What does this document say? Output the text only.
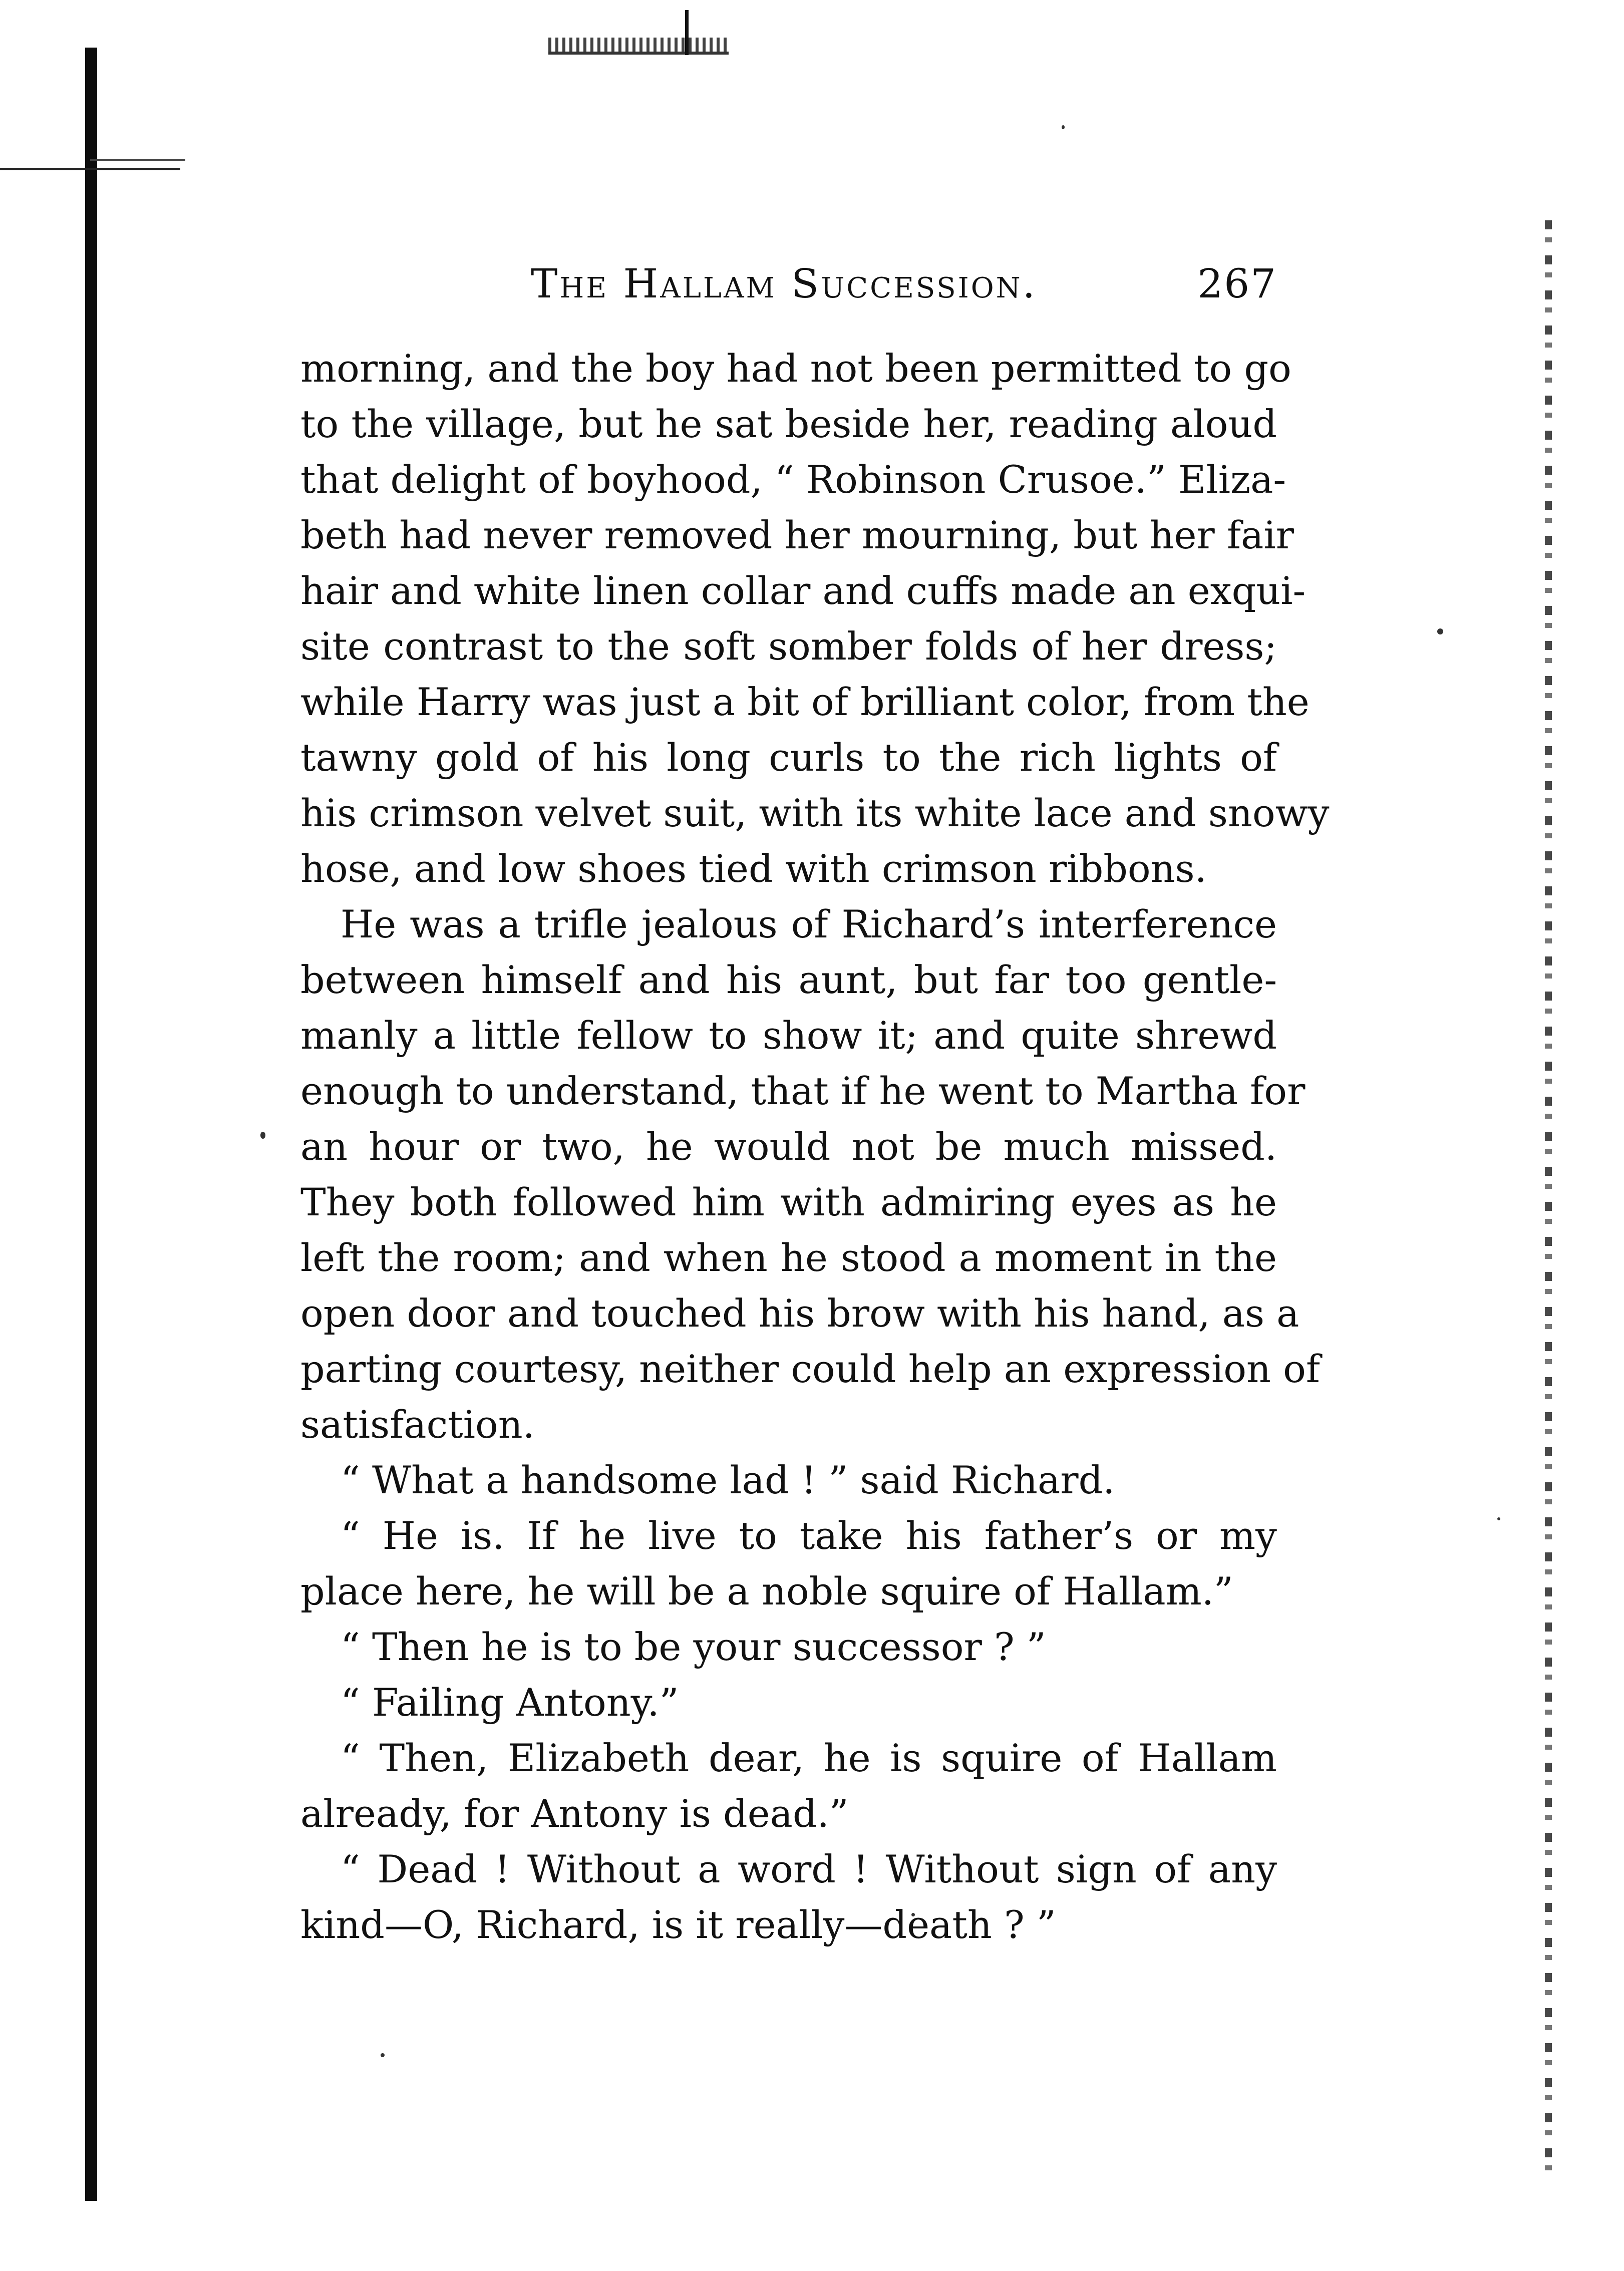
The Hallam Succession.	267
morning, and the boy had not been permitted to go
to the village, but he sat beside her, reading aloud
that delight of boyhood, “ Robinson Crusoe.” Eliza-
beth had never removed her mourning, but her fair
hair and white linen collar and cuffs made an exqui-
site contrast to the soft somber folds of her dress;
while Harry was just a bit of brilliant color, from the
tawny gold of his long curls to the rich lights of
his crimson velvet suit, with its white lace and snowy
hose, and low shoes tied with crimson ribbons.
He was a trifle jealous of Richard’s interference
between himself and his aunt, but far too gentle-
manly a little fellow to show it; and quite shrewd
enough to understand, that if he went to Martha for
an hour or two, he would not be much missed.
They both followed him with admiring eyes as he
left the room; and when he stood a moment in the
open door and touched his brow with his hand, as a
parting courtesy, neither could help an expression of
satisfaction.
“ What a handsome lad ! ” said Richard.
“ He is. If he live to take his father’s or my
place here, he will be a noble squire of Hallam.”
“ Then he is to be your successor ? ”
“ Failing Antony.”
“ Then, Elizabeth dear, he is squire of Hallam
already, for Antony is dead.”
“ Dead ! Without a word ! Without sign of any
kind—O, Richard, is it really—death ? ”
